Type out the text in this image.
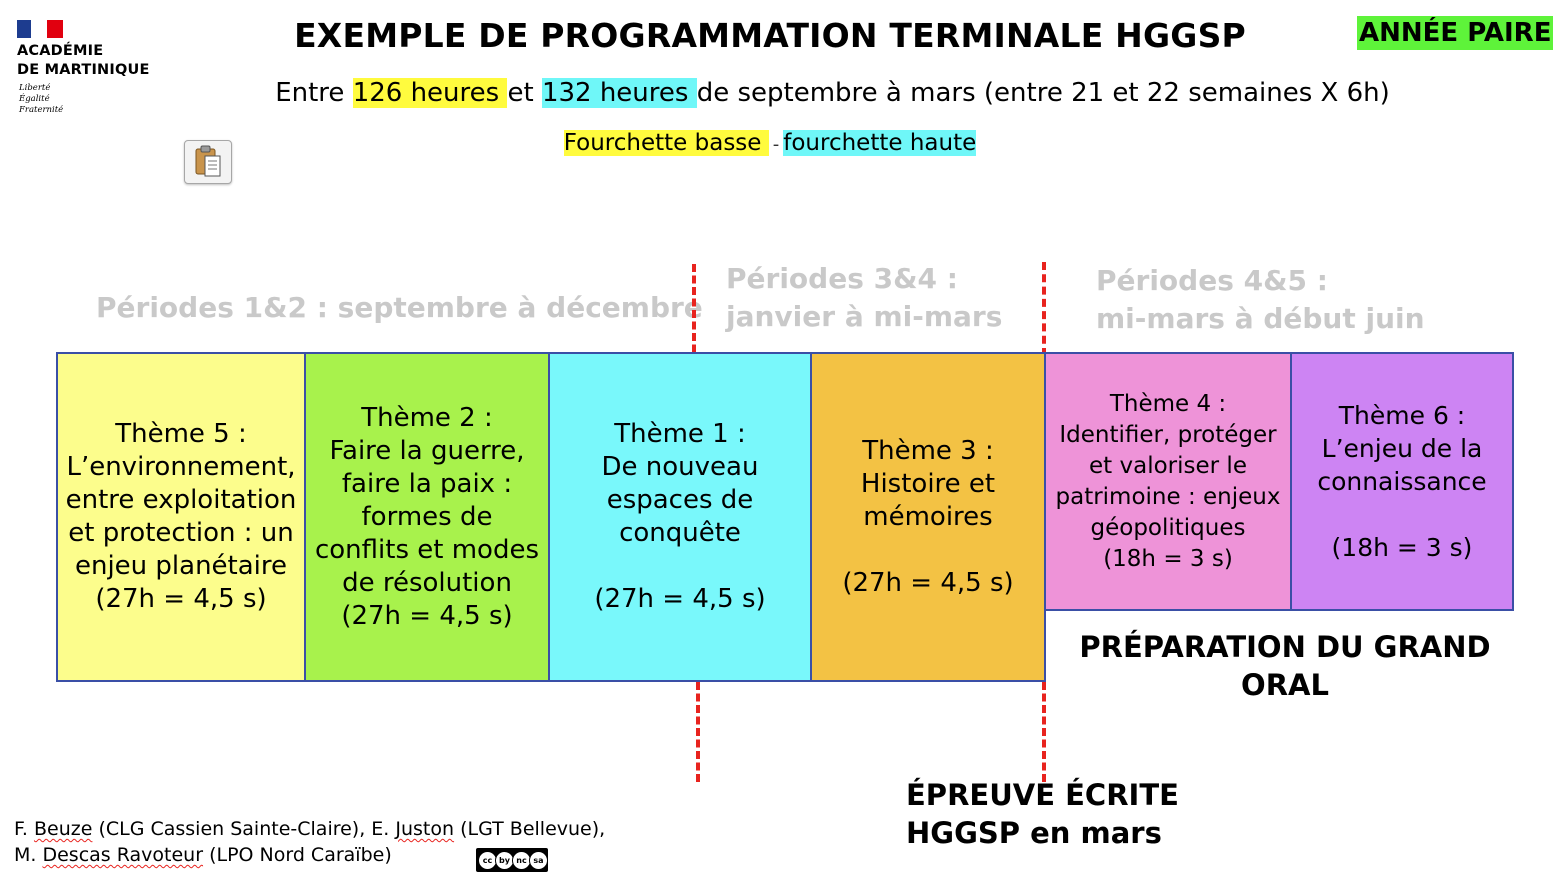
ACADÉMIE
DE MARTINIQUE
Liberté
Égalité
Fraternité
EXEMPLE DE PROGRAMMATION TERMINALE HGGSP	ANNÉE PAIRE
Entre 126 heures et 132 heures de septembre à mars (entre 21 et 22 semaines X 6h)
Fourchette basse - fourchette haute
Périodes 1&2 : septembre à décembre
Périodes 3&4 :
janvier à mi-mars
Périodes 4&5 :
mi-mars à début juin

Thème 5 :

L’environnement,

entre exploitation

et protection : un

enjeu planétaire

(27h = 4,5 s)

Thème 2 :

Faire la guerre,

faire la paix :

formes de

conflits et modes

de résolution

(27h = 4,5 s)

Thème 1 :

De nouveau

espaces de

conquête

(27h = 4,5 s)

Thème 3 :

Histoire et

mémoires

(27h = 4,5 s)

Thème 4 :

Identifier, protéger

et valoriser le

patrimoine : enjeux

géopolitiques

(18h = 3 s)

Thème 6 :

L’enjeu de la

connaissance

(18h = 3 s)

PRÉPARATION DU GRAND
ORAL
ÉPREUVE ÉCRITE
HGGSP en mars
F. Beuze (CLG Cassien Sainte-Claire), E. Juston (LGT Bellevue),
M. Descas Ravoteur (LPO Nord Caraïbe)	cc by nc sa
